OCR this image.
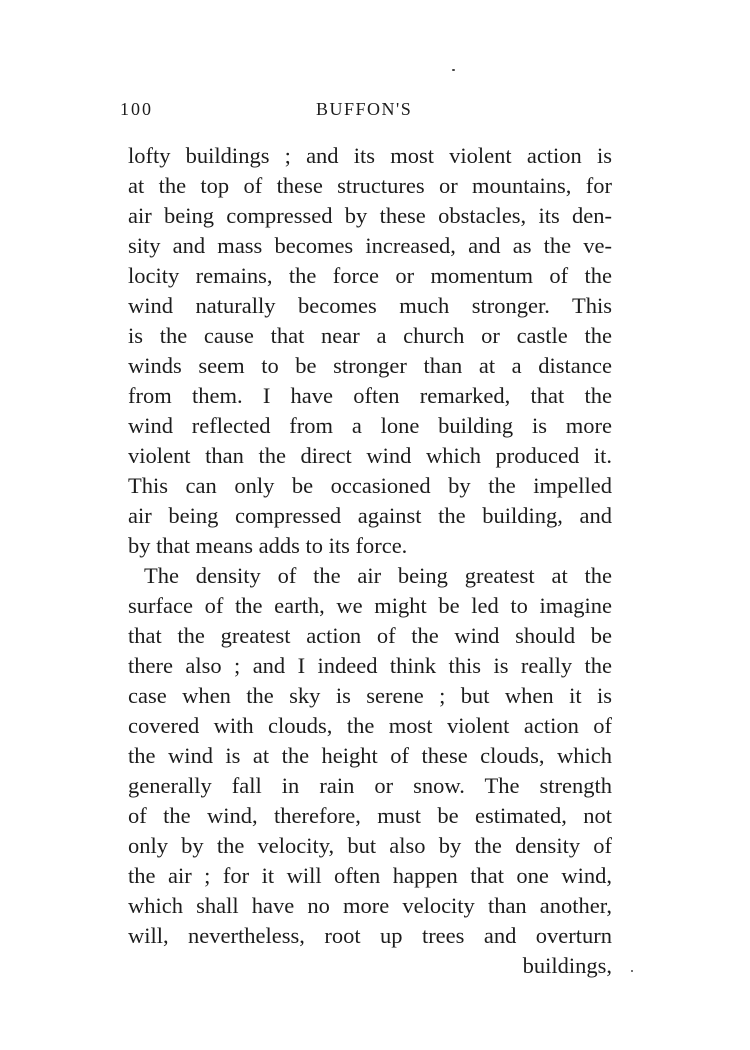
100	BUFFON'S
lofty buildings ; and its most violent action is
at the top of these structures or mountains, for
air being compressed by these obstacles, its den-
sity and mass becomes increased, and as the ve-
locity remains, the force or momentum of the
wind naturally becomes much stronger. This
is the cause that near a church or castle the
winds seem to be stronger than at a distance
from them. I have often remarked, that the
wind reflected from a lone building is more
violent than the direct wind which produced it.
This can only be occasioned by the impelled
air being compressed against the building, and
by that means adds to its force.
The density of the air being greatest at the
surface of the earth, we might be led to imagine
that the greatest action of the wind should be
there also ; and I indeed think this is really the
case when the sky is serene ; but when it is
covered with clouds, the most violent action of
the wind is at the height of these clouds, which
generally fall in rain or snow. The strength
of the wind, therefore, must be estimated, not
only by the velocity, but also by the density of
the air ; for it will often happen that one wind,
which shall have no more velocity than another,
will, nevertheless, root up trees and overturn
buildings,
